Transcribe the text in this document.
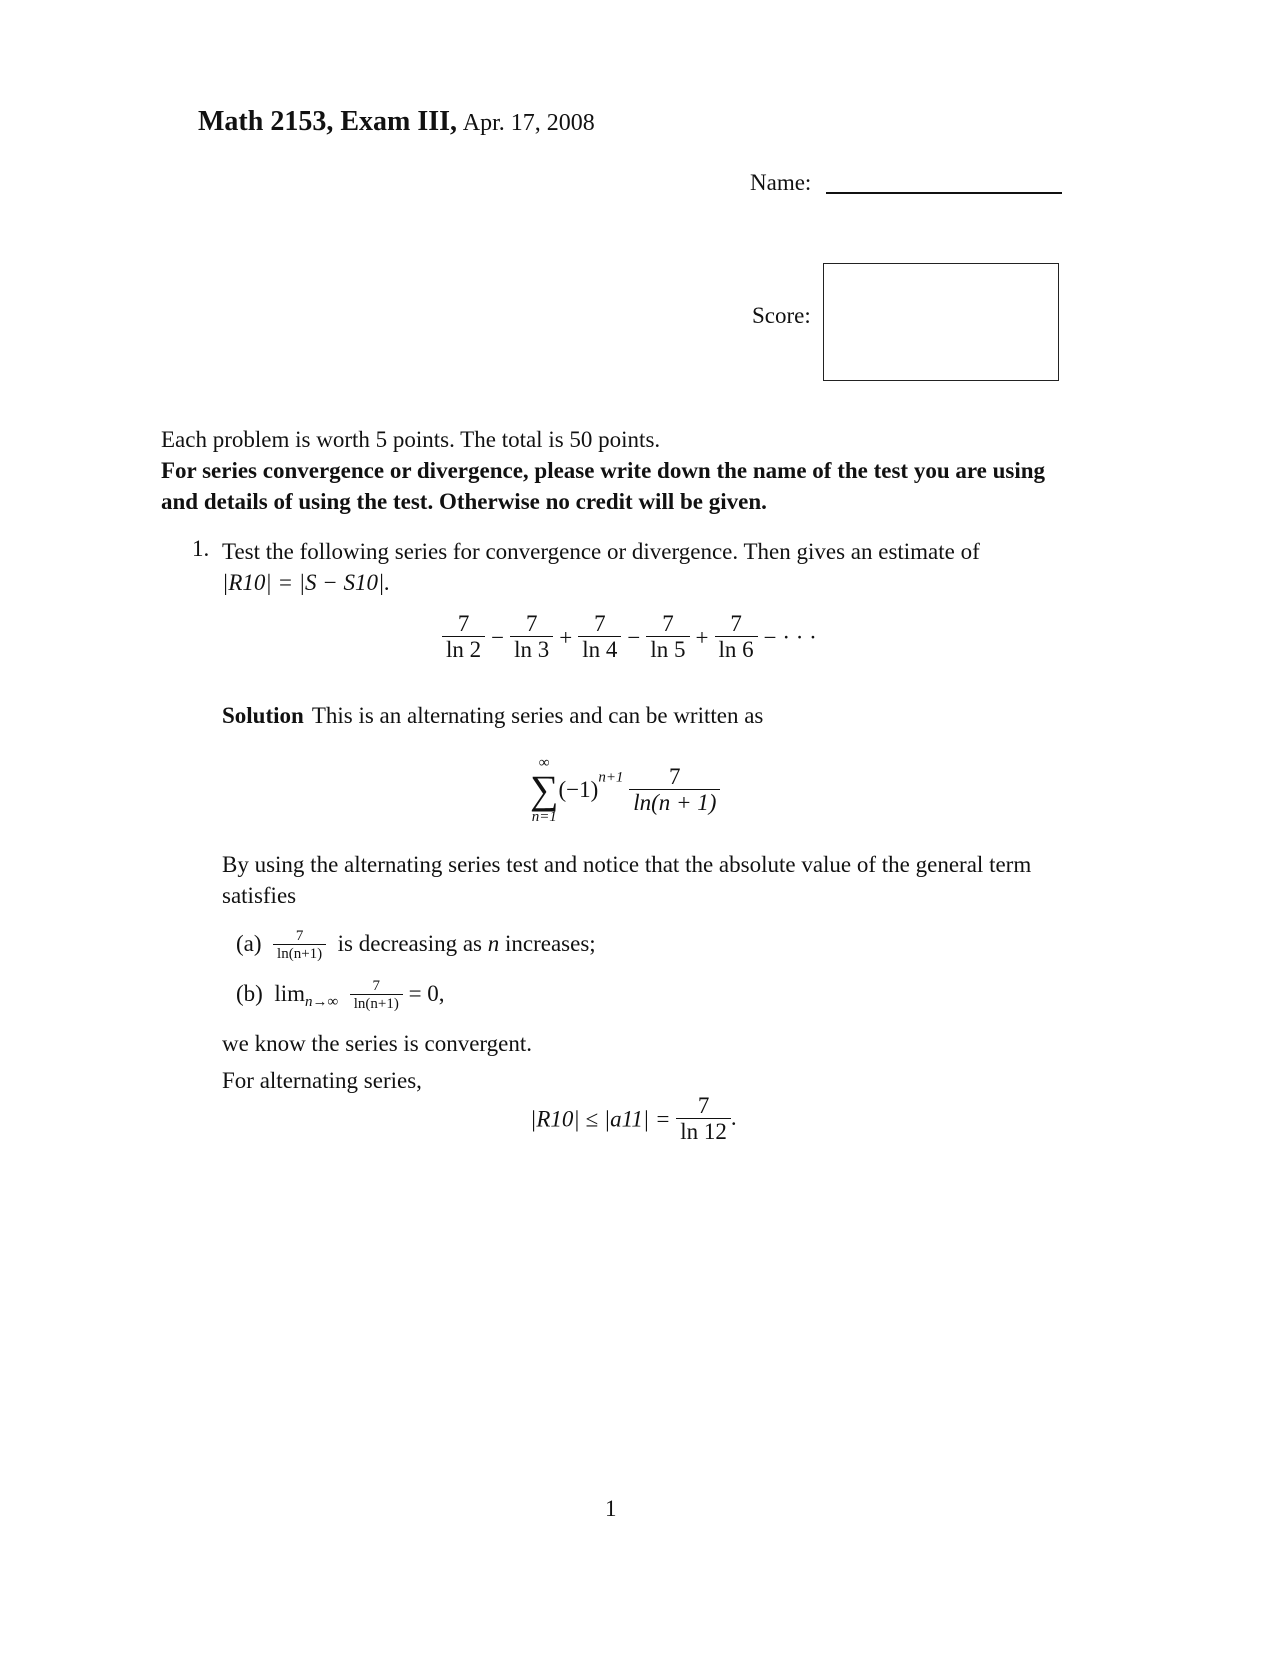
Math 2153, Exam III, Apr. 17, 2008
Name:
Score:
Each problem is worth 5 points. The total is 50 points.
For series convergence or divergence, please write down the name of the test you are using and details of using the test. Otherwise no credit will be given.
1. Test the following series for convergence or divergence. Then gives an estimate of
|R10| = |S − S10|.
$\frac{7}{\ln 2} - \frac{7}{\ln 3} + \frac{7}{\ln 4} - \frac{7}{\ln 5} + \frac{7}{\ln 6}$ − · · ·
Solution This is an alternating series and can be written as
∞
∑
n=1
$(-1)^{n+1} \frac{7}{\ln(n + 1)}$
By using the alternating series test and notice that the absolute value of the general term satisfies
$(a) \frac{7}{\ln(n+1)}$ is decreasing as n increases;
(b) $\lim_{n\to\infty} \frac{7}{\ln(n+1)} = 0$,
we know the series is convergent.
For alternating series,
$|R10| \le |a11| = \frac{7}{\ln 12}$ .
1
